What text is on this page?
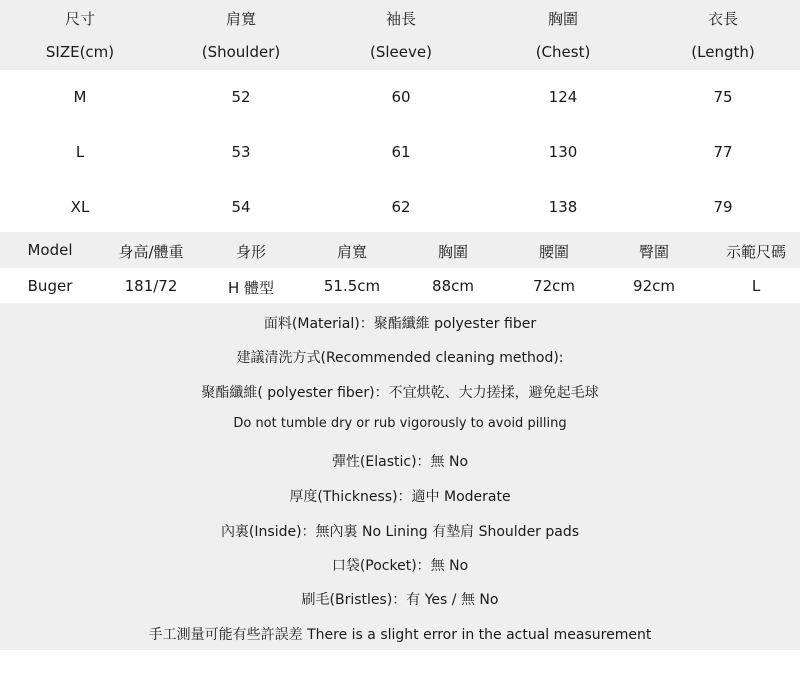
尺寸	肩寬	袖長	胸圍	衣長
SIZE(cm)	(Shoulder)	(Sleeve)	(Chest)	(Length)
M	52	60	124	75
L	53	61	130	77
XL	54	62	138	79
Model	身高/體重	身形	肩寬	胸圍	腰圍	臀圍	示範尺碼
Buger	181/72	H 體型	51.5cm	88cm	72cm	92cm	L
面料(Material)：聚酯纖維 polyester fiber
建議清洗方式(Recommended cleaning method):
聚酯纖維( polyester fiber)：不宜烘乾、大力搓揉，避免起毛球
Do not tumble dry or rub vigorously to avoid pilling
彈性(Elastic)：無 No
厚度(Thickness)：適中 Moderate
內裏(Inside)：無內裏 No Lining 有墊肩 Shoulder pads
口袋(Pocket)：無 No
刷毛(Bristles)：有 Yes / 無 No
手工測量可能有些許誤差 There is a slight error in the actual measurement
